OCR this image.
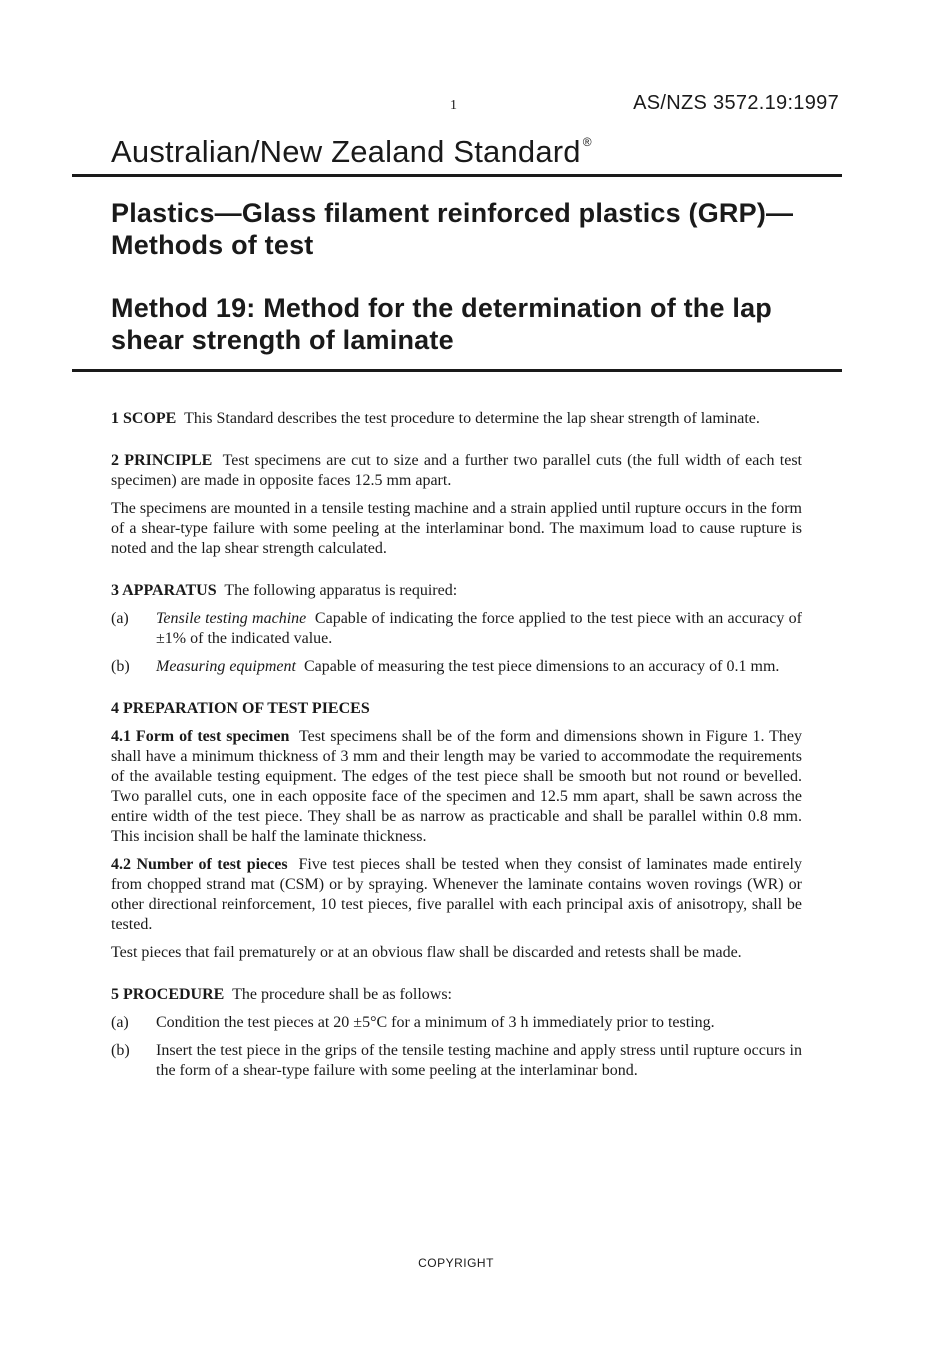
1	AS/NZS 3572.19:1997
Australian/New Zealand Standard ®
Plastics—Glass filament reinforced plastics (GRP)—Methods of test
Method 19: Method for the determination of the lap shear strength of laminate

1 SCOPE This Standard describes the test procedure to determine the lap shear strength of laminate.

2 PRINCIPLE Test specimens are cut to size and a further two parallel cuts (the full width of each test specimen) are made in opposite faces 12.5 mm apart.

The specimens are mounted in a tensile testing machine and a strain applied until rupture occurs in the form of a shear-type failure with some peeling at the interlaminar bond. The maximum load to cause rupture is noted and the lap shear strength calculated.

3 APPARATUS The following apparatus is required:

(a) Tensile testing machine Capable of indicating the force applied to the test piece with an accuracy of ±1% of the indicated value.
(b) Measuring equipment Capable of measuring the test piece dimensions to an accuracy of 0.1 mm.

4 PREPARATION OF TEST PIECES

4.1 Form of test specimen Test specimens shall be of the form and dimensions shown in Figure 1. They shall have a minimum thickness of 3 mm and their length may be varied to accommodate the requirements of the available testing equipment. The edges of the test piece shall be smooth but not round or bevelled. Two parallel cuts, one in each opposite face of the specimen and 12.5 mm apart, shall be sawn across the entire width of the test piece. They shall be as narrow as practicable and shall be parallel within 0.8 mm. This incision shall be half the laminate thickness.

4.2 Number of test pieces Five test pieces shall be tested when they consist of laminates made entirely from chopped strand mat (CSM) or by spraying. Whenever the laminate contains woven rovings (WR) or other directional reinforcement, 10 test pieces, five parallel with each principal axis of anisotropy, shall be tested.

Test pieces that fail prematurely or at an obvious flaw shall be discarded and retests shall be made.

5 PROCEDURE The procedure shall be as follows:

(a) Condition the test pieces at 20 ±5°C for a minimum of 3 h immediately prior to testing.
(b) Insert the test piece in the grips of the tensile testing machine and apply stress until rupture occurs in the form of a shear-type failure with some peeling at the interlaminar bond.
COPYRIGHT
